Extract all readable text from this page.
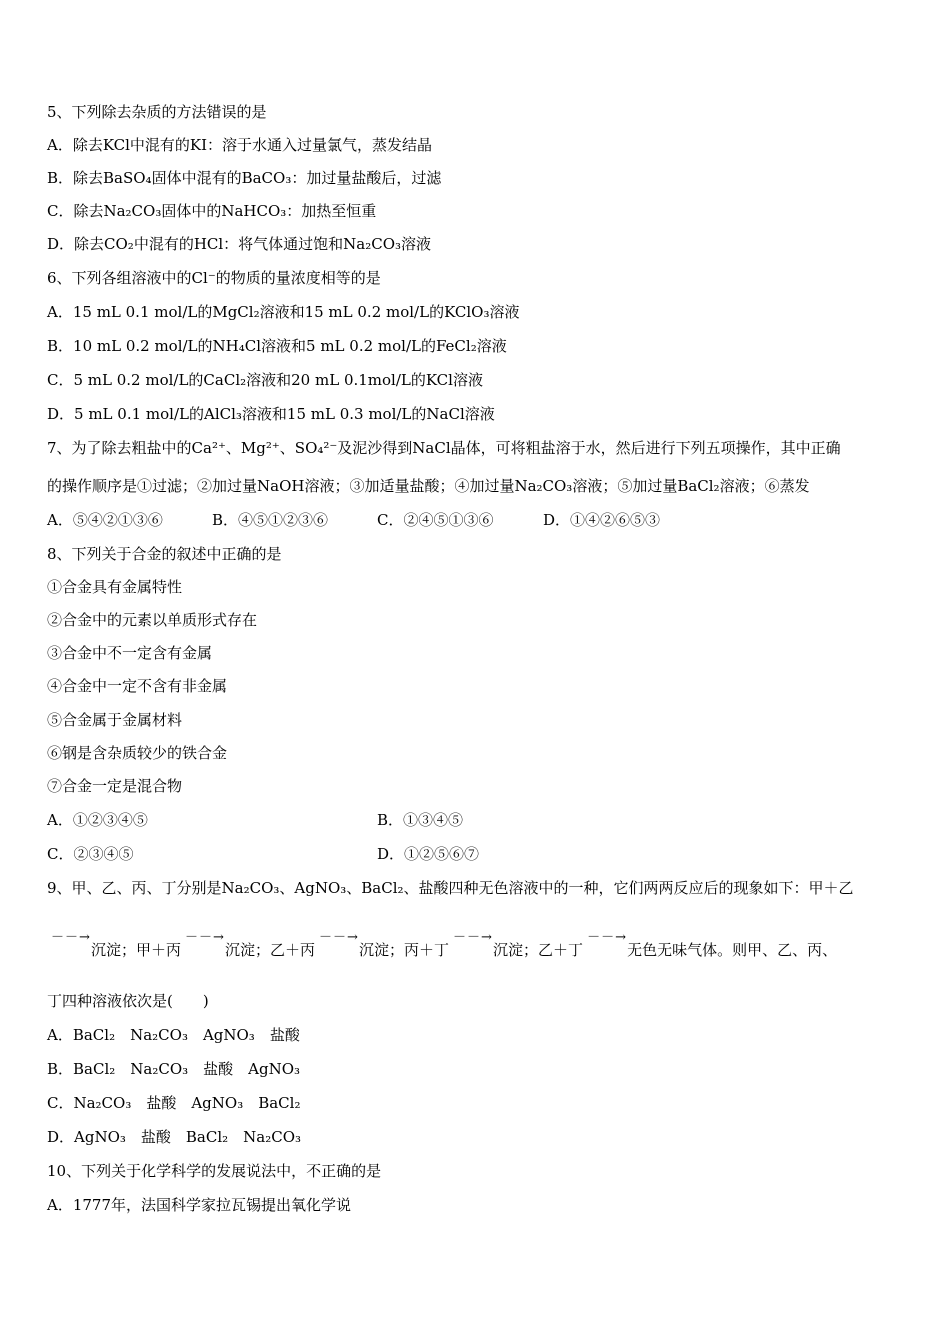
5、下列除去杂质的方法错误的是
A．除去KCl中混有的KI：溶于水通入过量氯气，蒸发结晶
B．除去BaSO₄固体中混有的BaCO₃：加过量盐酸后，过滤
C．除去Na₂CO₃固体中的NaHCO₃：加热至恒重
D．除去CO₂中混有的HCl：将气体通过饱和Na₂CO₃溶液
6、下列各组溶液中的Cl⁻的物质的量浓度相等的是
A．15 mL 0.1 mol/L的MgCl₂溶液和15 mL 0.2 mol/L的KClO₃溶液
B．10 mL 0.2 mol/L的NH₄Cl溶液和5 mL 0.2 mol/L的FeCl₂溶液
C．5 mL 0.2 mol/L的CaCl₂溶液和20 mL 0.1mol/L的KCl溶液
D．5 mL 0.1 mol/L的AlCl₃溶液和15 mL 0.3 mol/L的NaCl溶液
7、为了除去粗盐中的Ca²⁺、Mg²⁺、SO₄²⁻及泥沙得到NaCl晶体，可将粗盐溶于水，然后进行下列五项操作，其中正确
的操作顺序是①过滤；②加过量NaOH溶液；③加适量盐酸；④加过量Na₂CO₃溶液；⑤加过量BaCl₂溶液；⑥蒸发
A．⑤④②①③⑥	B．④⑤①②③⑥	C．②④⑤①③⑥	D．①④②⑥⑤③
8、下列关于合金的叙述中正确的是
①合金具有金属特性
②合金中的元素以单质形式存在
③合金中不一定含有金属
④合金中一定不含有非金属
⑤合金属于金属材料
⑥钢是含杂质较少的铁合金
⑦合金一定是混合物
A．①②③④⑤	B．①③④⑤
C．②③④⑤	D．①②⑤⑥⑦
9、甲、乙、丙、丁分别是Na₂CO₃、AgNO₃、BaCl₂、盐酸四种无色溶液中的一种，它们两两反应后的现象如下：甲＋乙
－－→
沉淀；甲＋丙
－－→
沉淀；乙＋丙
－－→
沉淀；丙＋丁
－－→
沉淀；乙＋丁
－－→
无色无味气体。则甲、乙、丙、
丁四种溶液依次是(　　)
A．BaCl₂　Na₂CO₃　AgNO₃　盐酸
B．BaCl₂　Na₂CO₃　盐酸　AgNO₃
C．Na₂CO₃　盐酸　AgNO₃　BaCl₂
D．AgNO₃　盐酸　BaCl₂　Na₂CO₃
10、下列关于化学科学的发展说法中，不正确的是
A．1777年，法国科学家拉瓦锡提出氧化学说
